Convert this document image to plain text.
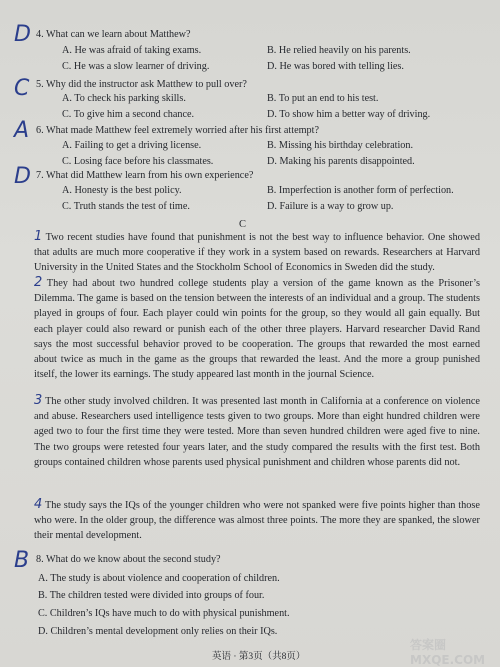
D 4. What can we learn about Matthew?
A. He was afraid of taking exams.	B. He relied heavily on his parents.
C. He was a slow learner of driving.	D. He was bored with telling lies.
C 5. Why did the instructor ask Matthew to pull over?
A. To check his parking skills.	B. To put an end to his test.
C. To give him a second chance.	D. To show him a better way of driving.
A 6. What made Matthew feel extremely worried after his first attempt?
A. Failing to get a driving license.	B. Missing his birthday celebration.
C. Losing face before his classmates.	D. Making his parents disappointed.
D 7. What did Matthew learn from his own experience?
A. Honesty is the best policy.	B. Imperfection is another form of perfection.
C. Truth stands the test of time.	D. Failure is a way to grow up.
C

1 Two recent studies have found that punishment is not the best way to influence behavior. One showed that adults are much more cooperative if they work in a system based on rewards. Researchers at Harvard University in the United States and the Stockholm School of Economics in Sweden did the study.

2 They had about two hundred college students play a version of the game known as the Prisoner’s Dilemma. The game is based on the tension between the interests of an individual and a group. The students played in groups of four. Each player could win points for the group, so they would all gain equally. But each player could also reward or punish each of the other three players. Harvard researcher David Rand says the most successful behavior proved to be cooperation. The groups that rewarded the most earned about twice as much in the game as the groups that rewarded the least. And the more a group punished itself, the lower its earnings. The study appeared last month in the journal Science.

3 The other study involved children. It was presented last month in California at a conference on violence and abuse. Researchers used intelligence tests given to two groups. More than eight hundred children were aged two to four the first time they were tested. More than seven hundred children were aged five to nine. The two groups were retested four years later, and the study compared the results with the first test. Both groups contained children whose parents used physical punishment and children whose parents did not.

4 The study says the IQs of the younger children who were not spanked were five points higher than those who were. In the older group, the difference was almost three points. The more they are spanked, the slower their mental development.

B 8. What do we know about the second study?
A. The study is about violence and cooperation of children.
B. The children tested were divided into groups of four.
C. Children’s IQs have much to do with physical punishment.
D. Children’s mental development only relies on their IQs.
英语 · 第3页（共8页）
答案圈 MXQE.COM
